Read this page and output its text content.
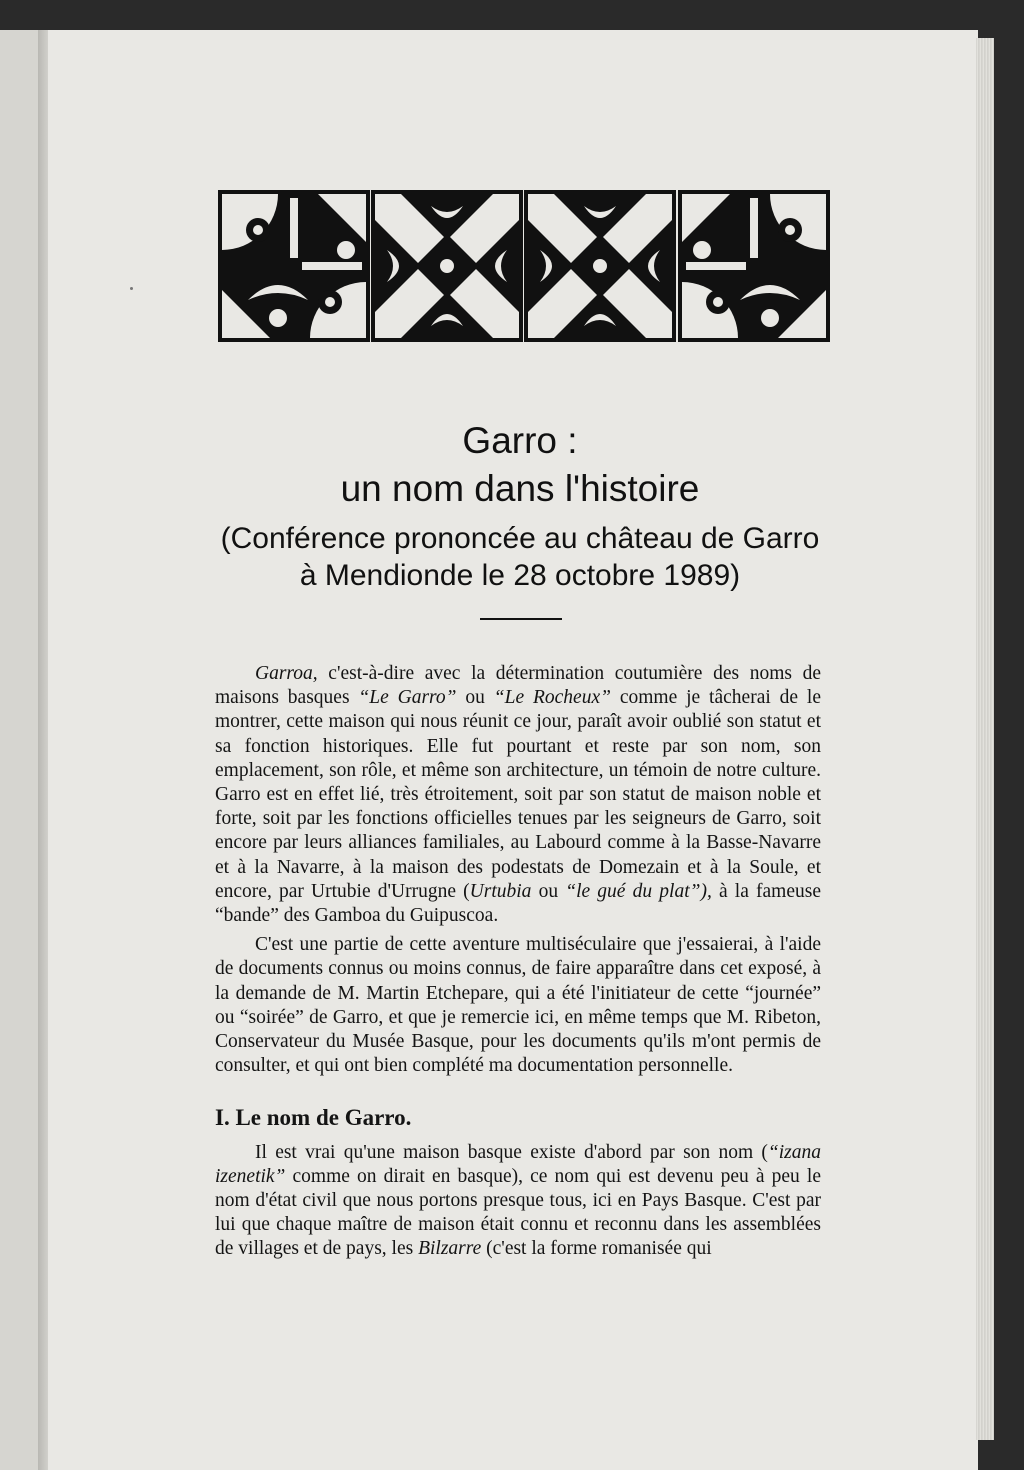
Garro :
un nom dans l'histoire
(Conférence prononcée au château de Garro
à Mendionde le 28 octobre 1989)

Garroa, c'est-à-dire avec la détermination coutumière des noms de maisons basques “Le Garro” ou “Le Rocheux” comme je tâcherai de le montrer, cette maison qui nous réunit ce jour, paraît avoir oublié son statut et sa fonction historiques. Elle fut pourtant et reste par son nom, son emplacement, son rôle, et même son architecture, un témoin de notre culture. Garro est en effet lié, très étroitement, soit par son statut de maison noble et forte, soit par les fonctions officielles tenues par les seigneurs de Garro, soit encore par leurs alliances familiales, au Labourd comme à la Basse-Navarre et à la Navarre, à la maison des podestats de Domezain et à la Soule, et encore, par Urtubie d'Urrugne (Urtubia ou “le gué du plat”), à la fameuse “bande” des Gamboa du Guipuscoa.

C'est une partie de cette aventure multiséculaire que j'essaierai, à l'aide de documents connus ou moins connus, de faire apparaître dans cet exposé, à la demande de M. Martin Etchepare, qui a été l'initiateur de cette “journée” ou “soirée” de Garro, et que je remercie ici, en même temps que M. Ribeton, Conservateur du Musée Basque, pour les documents qu'ils m'ont permis de consulter, et qui ont bien complété ma documentation personnelle.

I. Le nom de Garro.

Il est vrai qu'une maison basque existe d'abord par son nom (“izana izenetik” comme on dirait en basque), ce nom qui est devenu peu à peu le nom d'état civil que nous portons presque tous, ici en Pays Basque. C'est par lui que chaque maître de maison était connu et reconnu dans les assemblées de villages et de pays, les Bilzarre (c'est la forme romanisée qui
